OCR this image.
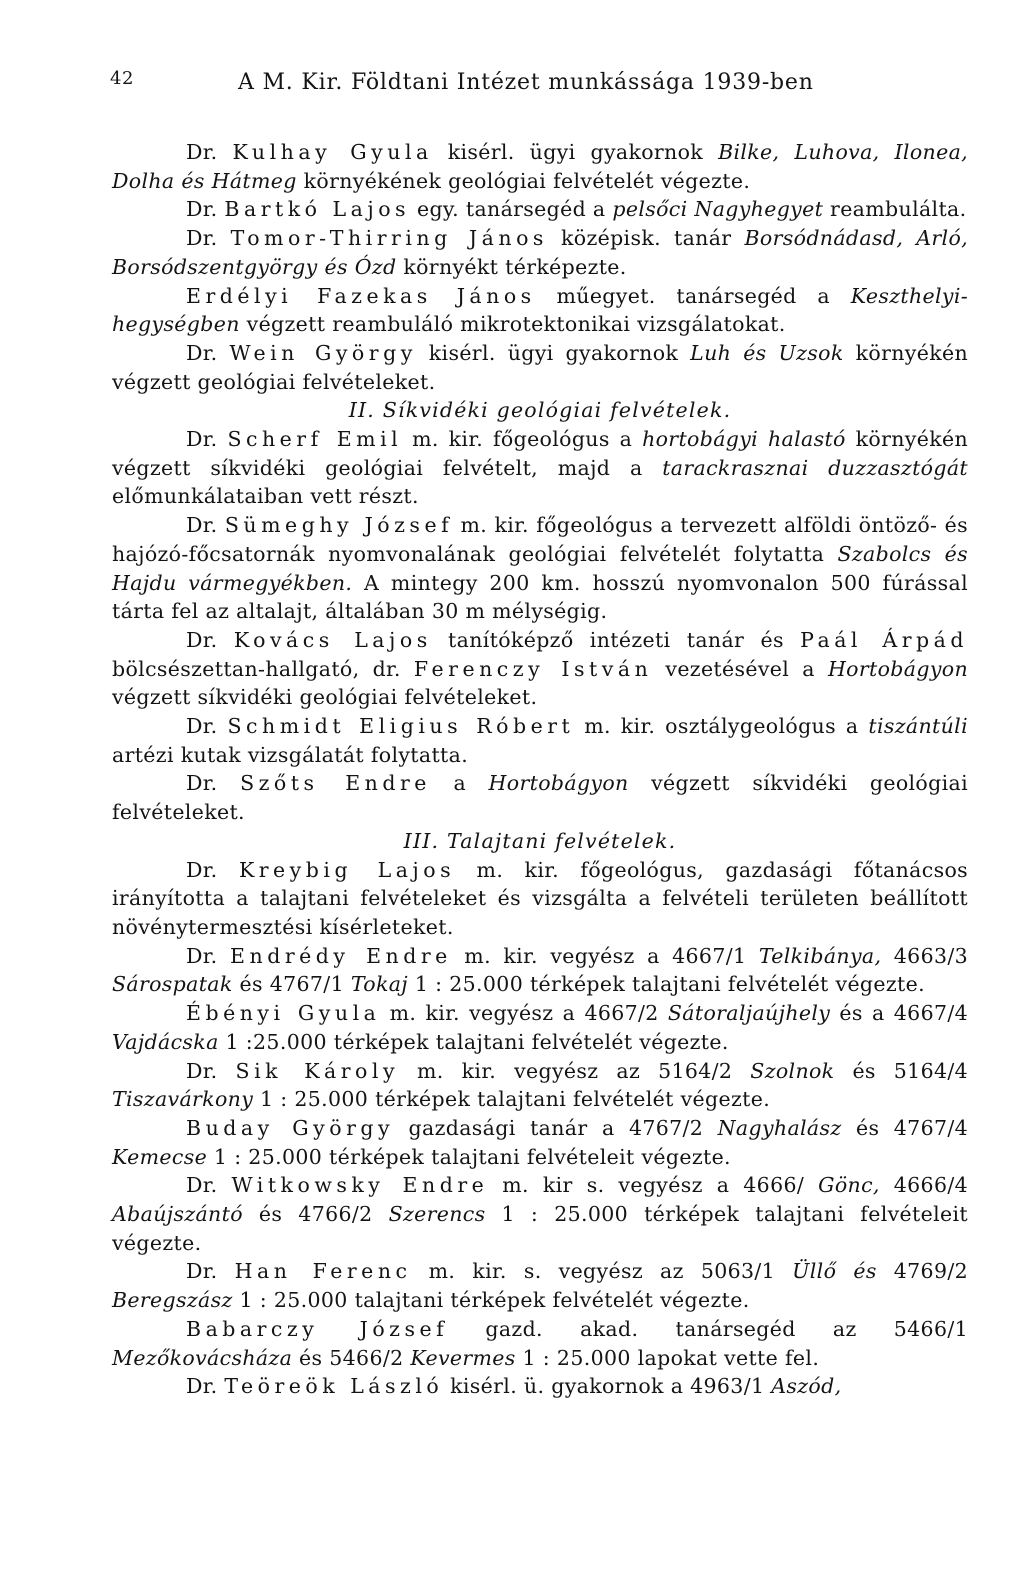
42	A M. Kir. Földtani Intézet munkássága 1939-ben

Dr. Kulhay Gyula kisérl. ügyi gyakornok Bilke, Luhova, Ilonea, Dolha és Hátmeg környékének geológiai felvételét végezte.

Dr. Bartkó Lajos egy. tanársegéd a pelsőci Nagyhegyet reambulálta.

Dr. Tomor-Thirring János középisk. tanár Borsódnádasd, Arló, Borsódszentgyörgy és Ózd környékt térképezte.

Erdélyi Fazekas János műegyet. tanársegéd a Keszthelyi-hegységben végzett reambuláló mikrotektonikai vizsgálatokat.

Dr. Wein György kisérl. ügyi gyakornok Luh és Uzsok környékén végzett geológiai felvételeket.

II. Síkvidéki geológiai felvételek.

Dr. Scherf Emil m. kir. főgeológus a hortobágyi halastó környékén végzett síkvidéki geológiai felvételt, majd a tarackrasznai duzzasztógát előmunkálataiban vett részt.

Dr. Sümeghy József m. kir. főgeológus a tervezett alföldi öntöző- és hajózó-főcsatornák nyomvonalának geológiai felvételét folytatta Szabolcs és Hajdu vármegyékben. A mintegy 200 km. hosszú nyomvonalon 500 fúrással tárta fel az altalajt, általában 30 m mélységig.

Dr. Kovács Lajos tanítóképző intézeti tanár és Paál Árpád bölcsészettan-hallgató, dr. Ferenczy István vezetésével a Hortobágyon végzett síkvidéki geológiai felvételeket.

Dr. Schmidt Eligius Róbert m. kir. osztálygeológus a tiszántúli artézi kutak vizsgálatát folytatta.

Dr. Szőts Endre a Hortobágyon végzett síkvidéki geológiai felvételeket.

III. Talajtani felvételek.

Dr. Kreybig Lajos m. kir. főgeológus, gazdasági főtanácsos irányította a talajtani felvételeket és vizsgálta a felvételi területen beállított növénytermesztési kísérleteket.

Dr. Endrédy Endre m. kir. vegyész a 4667/1 Telkibánya, 4663/3 Sárospatak és 4767/1 Tokaj 1 : 25.000 térképek talajtani felvételét végezte.

Ébényi Gyula m. kir. vegyész a 4667/2 Sátoraljaújhely és a 4667/4 Vajdácska 1 :25.000 térképek talajtani felvételét végezte.

Dr. Sik Károly m. kir. vegyész az 5164/2 Szolnok és 5164/4 Tiszavárkony 1 : 25.000 térképek talajtani felvételét végezte.

Buday György gazdasági tanár a 4767/2 Nagyhalász és 4767/4 Kemecse 1 : 25.000 térképek talajtani felvételeit végezte.

Dr. Witkowsky Endre m. kir s. vegyész a 4666/ Gönc, 4666/4 Abaújszántó és 4766/2 Szerencs 1 : 25.000 térképek talajtani felvételeit végezte.

Dr. Han Ferenc m. kir. s. vegyész az 5063/1 Üllő és 4769/2 Beregszász 1 : 25.000 talajtani térképek felvételét végezte.

Babarczy József gazd. akad. tanársegéd az 5466/1 Mezőkovácsháza és 5466/2 Kevermes 1 : 25.000 lapokat vette fel.

Dr. Teöreök László kisérl. ü. gyakornok a 4963/1 Aszód,
